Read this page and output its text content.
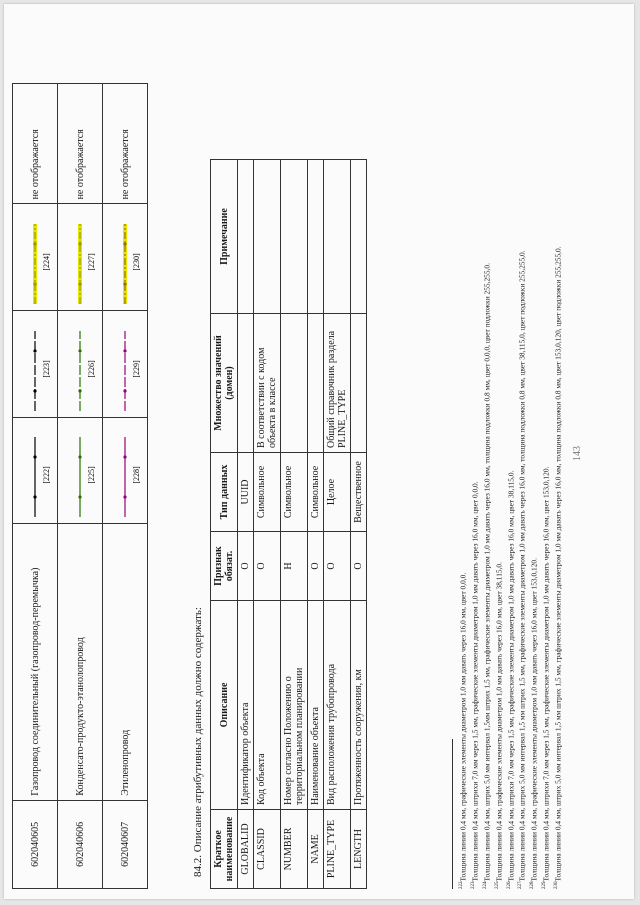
143
602040605	Газопровод соединительный (газопровод-перемычка)	[222]	[223]	[224]	не отображается
602040606	Конденсато-продукто-этанолопровод	[225]	[226]	[227]	не отображается
602040607	Этиленопровод	[228]	[229]	[230]	не отображается
84.2. Описание атрибутивных данных должно содержать: Краткое наименование	Описание	Признак обязат.	Тип данных	Множество значений (домен)	Примечание
GLOBALID	Идентификатор объекта	О	UUID		
CLASSID	Код объекта	О	Символьное	В соответствии с кодом объекта в классе	
NUMBER	Номер согласно Положению о территориальном планировании	Н	Символьное		
NAME	Наименование объекта	О	Символьное		
PLINE_TYPE	Вид расположения трубопровода	О	Целое	Общий справочник раздела PLINE_TYPE	
LENGTH	Протяженность сооружения, км	О	Вещественное		
$^{222}$Толщина линии 0,4 мм, графические элементы диаметром 1,0 мм давать через 16,0 мм, цвет 0,0,0.
$^{223}$Толщина линии 0,4 мм, штрихи 7,0 мм через 1,5 мм, графические элементы диаметром 1,0 мм давать через 16,0 мм, цвет 0,0,0.
$^{224}$Толщина линии 0,4 мм, штрих 5,0 мм интервал 1,5мм штрих 1,5 мм, графические элементы диаметром 1,0 мм давать через 16,0 мм, толщина подложки 0,8 мм, цвет 0,0,0, цвет подложки 255,255,0.
$^{225}$Толщина линии 0,4 мм, графические элементы диаметром 1,0 мм давать через 16,0 мм, цвет 38,115,0.
$^{226}$Толщина линии 0,4 мм, штрихи 7,0 мм через 1,5 мм, графические элементы диаметром 1,0 мм давать через 16,0 мм, цвет 38,115,0.
$^{227}$Толщина линии 0,4 мм, штрих 5,0 мм интервал 1,5 мм штрих 1,5 мм, графические элементы диаметром 1,0 мм давать через 16,0 мм, толщина подложки 0,8 мм, цвет 38,115,0, цвет подложки 255,255,0.
$^{228}$Толщина линии 0,4 мм, графические элементы диаметром 1,0 мм давать через 16,0 мм, цвет 153,0,120.
$^{229}$Толщина линии 0,4 мм, штрихи 7,0 мм через 1,5 мм, графические элементы диаметром 1,0 мм давать через 16,0 мм, цвет 153,0,120.
$^{230}$Толщина линии 0,4 мм, штрих 5,0 мм интервал 1,5 мм штрих 1,5 мм, графические элементы диаметром 1,0 мм давать через 16,0 мм, толщина подложки 0,8 мм, цвет 153,0,120, цвет подложки 255,255,0.
